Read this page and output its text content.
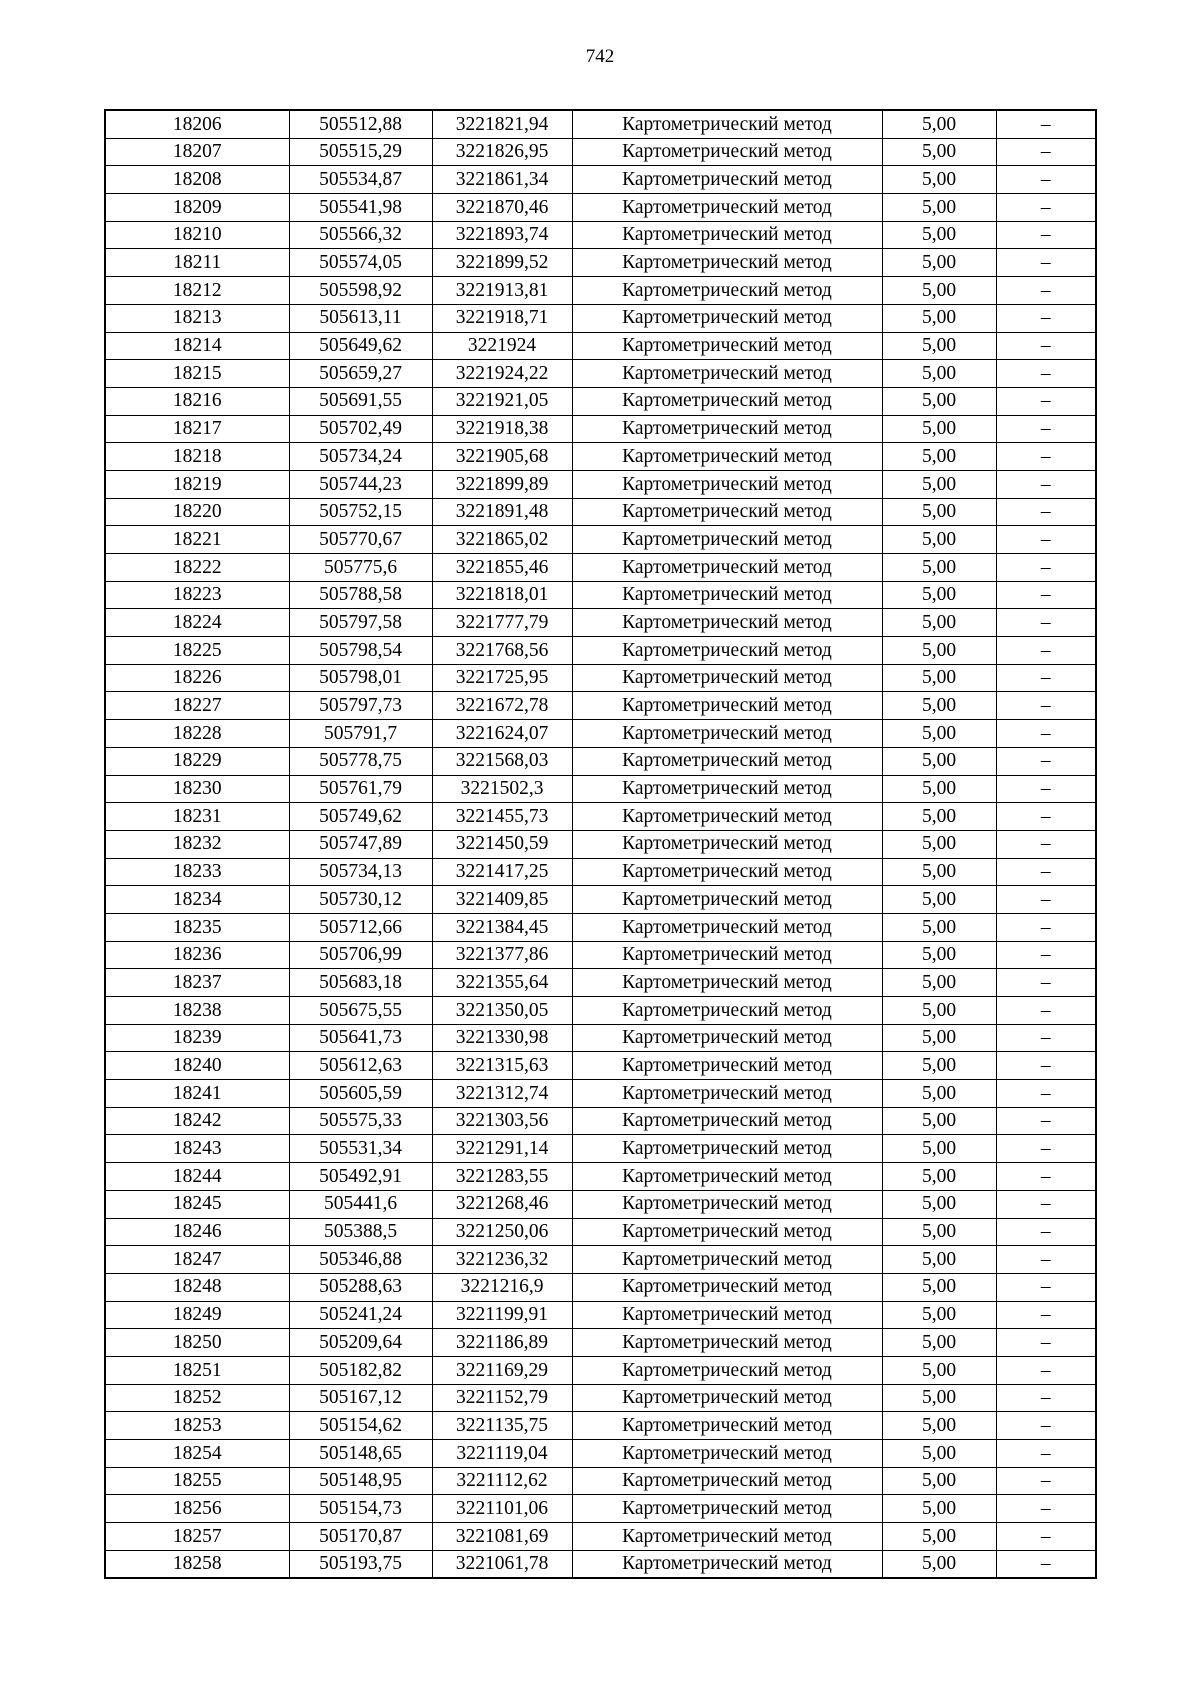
742
18206	505512,88	3221821,94	Картометрический метод	5,00	–
18207	505515,29	3221826,95	Картометрический метод	5,00	–
18208	505534,87	3221861,34	Картометрический метод	5,00	–
18209	505541,98	3221870,46	Картометрический метод	5,00	–
18210	505566,32	3221893,74	Картометрический метод	5,00	–
18211	505574,05	3221899,52	Картометрический метод	5,00	–
18212	505598,92	3221913,81	Картометрический метод	5,00	–
18213	505613,11	3221918,71	Картометрический метод	5,00	–
18214	505649,62	3221924	Картометрический метод	5,00	–
18215	505659,27	3221924,22	Картометрический метод	5,00	–
18216	505691,55	3221921,05	Картометрический метод	5,00	–
18217	505702,49	3221918,38	Картометрический метод	5,00	–
18218	505734,24	3221905,68	Картометрический метод	5,00	–
18219	505744,23	3221899,89	Картометрический метод	5,00	–
18220	505752,15	3221891,48	Картометрический метод	5,00	–
18221	505770,67	3221865,02	Картометрический метод	5,00	–
18222	505775,6	3221855,46	Картометрический метод	5,00	–
18223	505788,58	3221818,01	Картометрический метод	5,00	–
18224	505797,58	3221777,79	Картометрический метод	5,00	–
18225	505798,54	3221768,56	Картометрический метод	5,00	–
18226	505798,01	3221725,95	Картометрический метод	5,00	–
18227	505797,73	3221672,78	Картометрический метод	5,00	–
18228	505791,7	3221624,07	Картометрический метод	5,00	–
18229	505778,75	3221568,03	Картометрический метод	5,00	–
18230	505761,79	3221502,3	Картометрический метод	5,00	–
18231	505749,62	3221455,73	Картометрический метод	5,00	–
18232	505747,89	3221450,59	Картометрический метод	5,00	–
18233	505734,13	3221417,25	Картометрический метод	5,00	–
18234	505730,12	3221409,85	Картометрический метод	5,00	–
18235	505712,66	3221384,45	Картометрический метод	5,00	–
18236	505706,99	3221377,86	Картометрический метод	5,00	–
18237	505683,18	3221355,64	Картометрический метод	5,00	–
18238	505675,55	3221350,05	Картометрический метод	5,00	–
18239	505641,73	3221330,98	Картометрический метод	5,00	–
18240	505612,63	3221315,63	Картометрический метод	5,00	–
18241	505605,59	3221312,74	Картометрический метод	5,00	–
18242	505575,33	3221303,56	Картометрический метод	5,00	–
18243	505531,34	3221291,14	Картометрический метод	5,00	–
18244	505492,91	3221283,55	Картометрический метод	5,00	–
18245	505441,6	3221268,46	Картометрический метод	5,00	–
18246	505388,5	3221250,06	Картометрический метод	5,00	–
18247	505346,88	3221236,32	Картометрический метод	5,00	–
18248	505288,63	3221216,9	Картометрический метод	5,00	–
18249	505241,24	3221199,91	Картометрический метод	5,00	–
18250	505209,64	3221186,89	Картометрический метод	5,00	–
18251	505182,82	3221169,29	Картометрический метод	5,00	–
18252	505167,12	3221152,79	Картометрический метод	5,00	–
18253	505154,62	3221135,75	Картометрический метод	5,00	–
18254	505148,65	3221119,04	Картометрический метод	5,00	–
18255	505148,95	3221112,62	Картометрический метод	5,00	–
18256	505154,73	3221101,06	Картометрический метод	5,00	–
18257	505170,87	3221081,69	Картометрический метод	5,00	–
18258	505193,75	3221061,78	Картометрический метод	5,00	–
